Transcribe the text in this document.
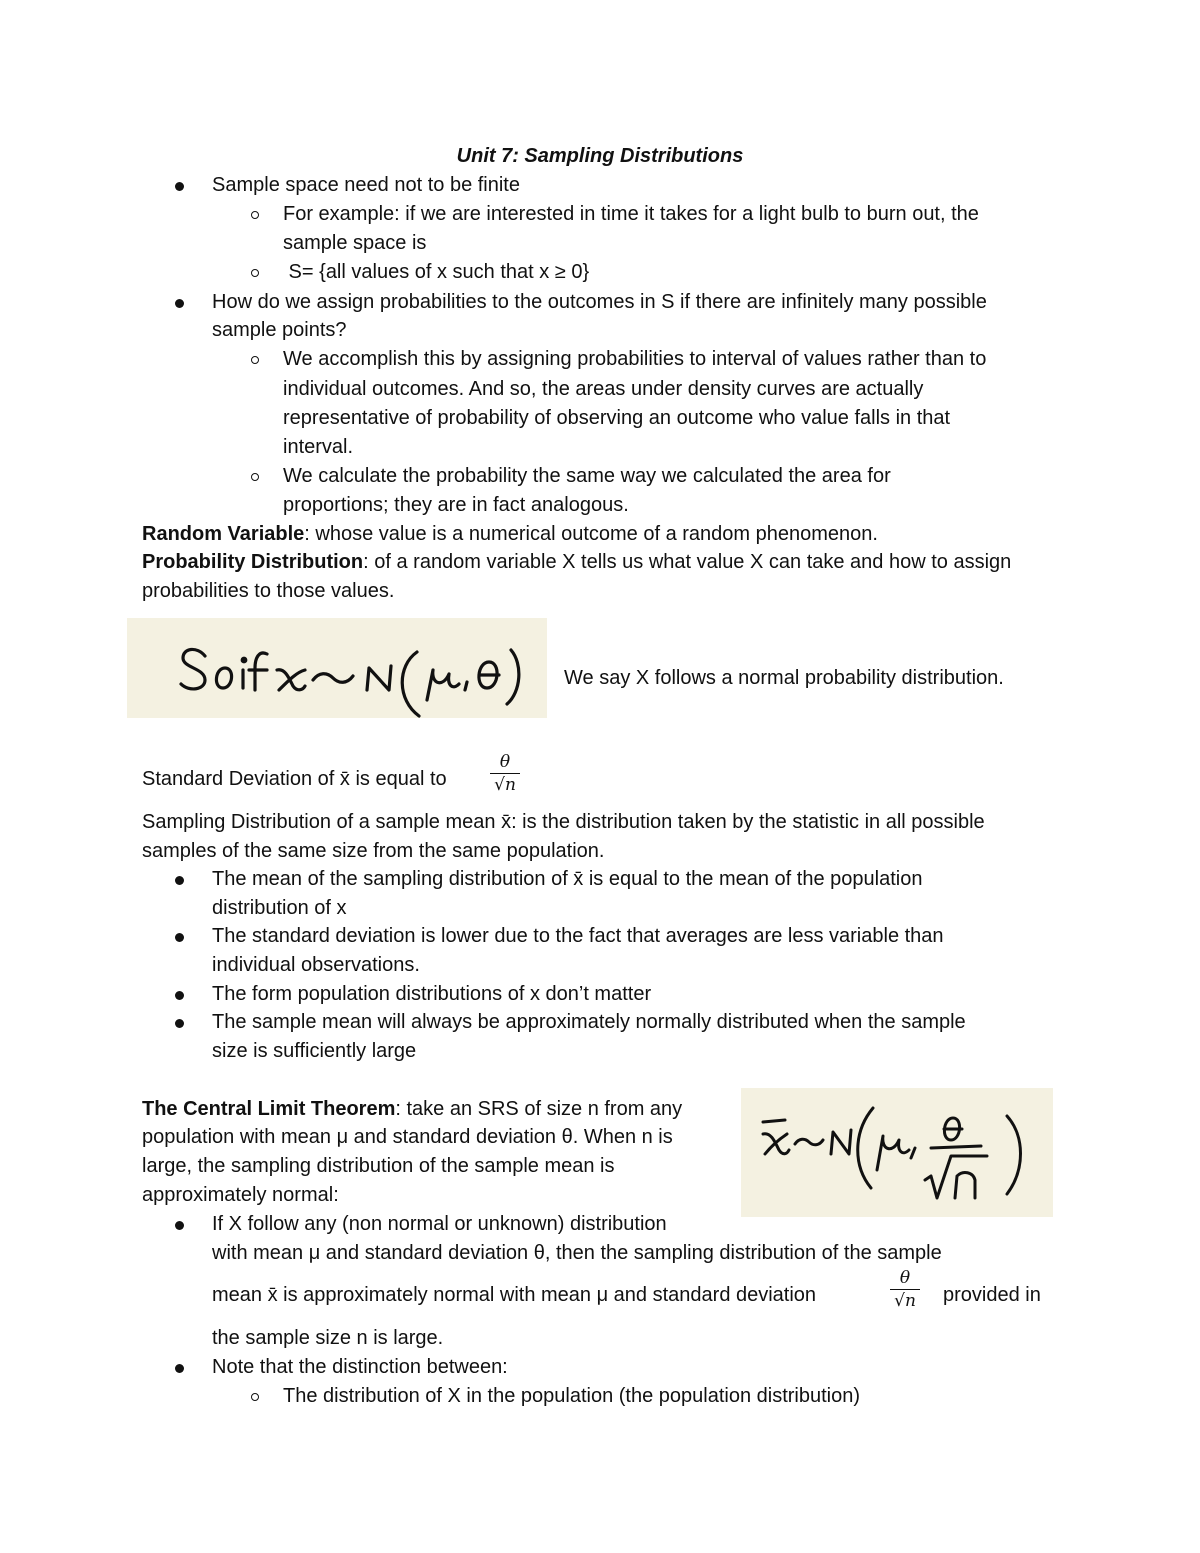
Unit 7: Sampling Distributions
Sample space need not to be finite
For example: if we are interested in time it takes for a light bulb to burn out, the
sample space is
S= {all values of x such that x ≥ 0}
How do we assign probabilities to the outcomes in S if there are infinitely many possible
sample points?
We accomplish this by assigning probabilities to interval of values rather than to
individual outcomes. And so, the areas under density curves are actually
representative of probability of observing an outcome who value falls in that
interval.
We calculate the probability the same way we calculated the area for
proportions; they are in fact analogous.
Random Variable: whose value is a numerical outcome of a random phenomenon.
Probability Distribution: of a random variable X tells us what value X can take and how to assign
probabilities to those values.
We say X follows a normal probability distribution.
Standard Deviation of x̄ is equal to
θ
√n
Sampling Distribution of a sample mean x̄: is the distribution taken by the statistic in all possible
samples of the same size from the same population.
The mean of the sampling distribution of x̄ is equal to the mean of the population
distribution of x
The standard deviation is lower due to the fact that averages are less variable than
individual observations.
The form population distributions of x don’t matter
The sample mean will always be approximately normally distributed when the sample
size is sufficiently large
The Central Limit Theorem: take an SRS of size n from any
population with mean μ and standard deviation θ. When n is
large, the sampling distribution of the sample mean is
approximately normal:
If X follow any (non normal or unknown) distribution
with mean μ and standard deviation θ, then the sampling distribution of the sample
mean x̄ is approximately normal with mean μ and standard deviation
θ
√n provided in
the sample size n is large.
Note that the distinction between:
The distribution of X in the population (the population distribution)
